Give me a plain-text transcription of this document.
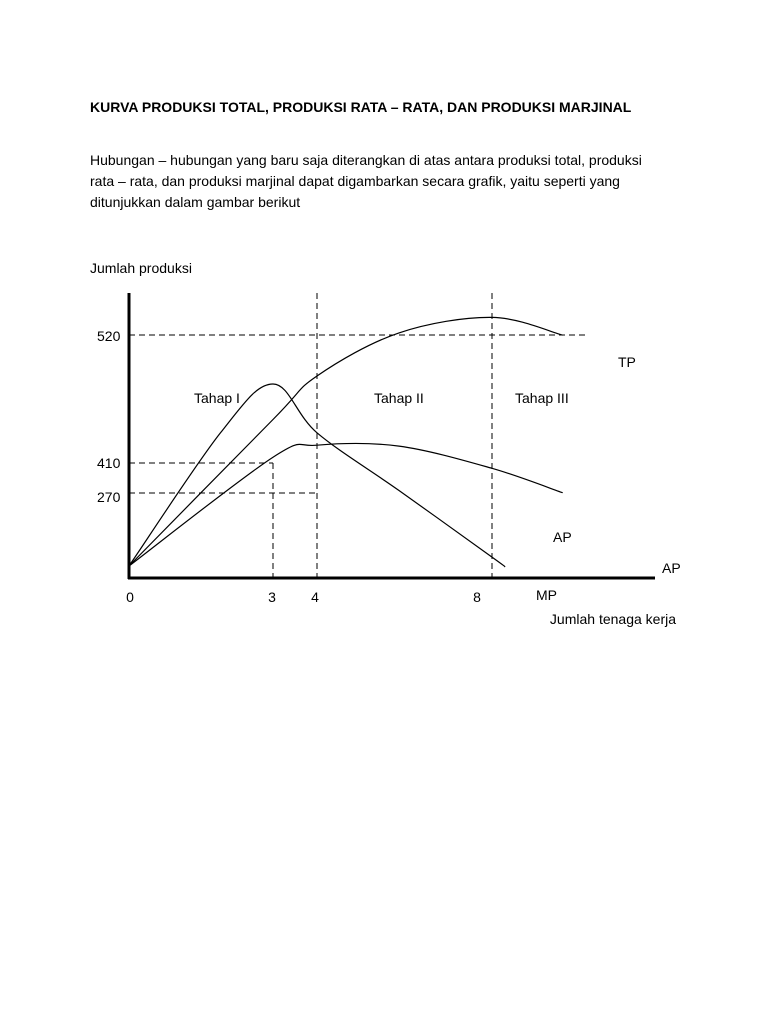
KURVA PRODUKSI TOTAL, PRODUKSI RATA – RATA, DAN PRODUKSI MARJINAL

Hubungan – hubungan yang baru saja diterangkan di atas antara produksi total, produksi rata – rata, dan produksi marjinal dapat digambarkan secara grafik, yaitu seperti yang ditunjukkan dalam gambar berikut

Jumlah produksi
Jumlah tenaga kerja
AP
520
410
270
0	3	4	8
Tahap I	Tahap II	Tahap III
TP
MP
AP
